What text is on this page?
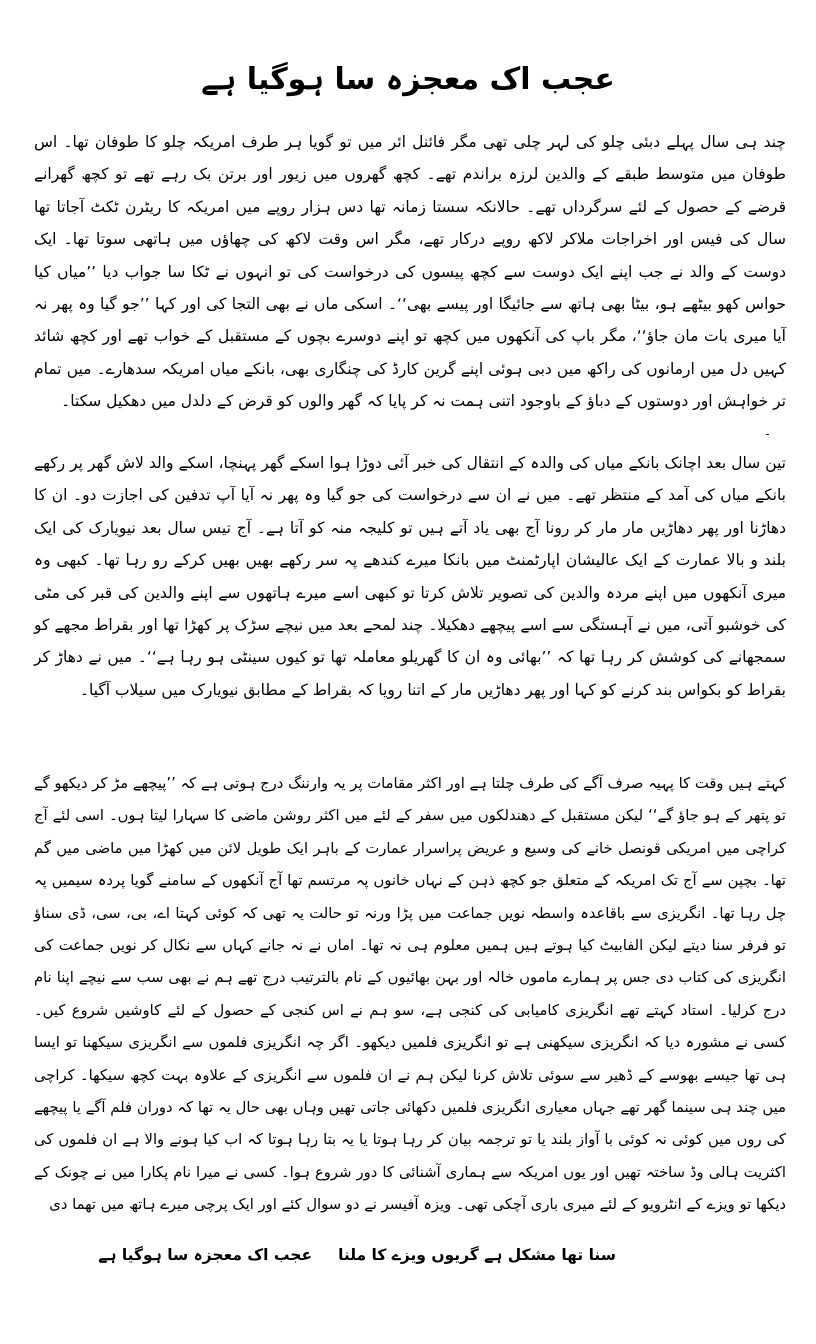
عجب اک معجزہ سا ہوگیا ہے

چند ہی سال پہلے دبئی چلو کی لہر چلی تھی مگر فائنل ائر میں تو گویا ہر طرف امریکہ چلو کا طوفان تھا۔ اس طوفان میں متوسط طبقے کے والدین لرزہ براندم تھے۔ کچھ گھروں میں زیور اور برتن بک رہے تھے تو کچھ گھرانے قرضے کے حصول کے لئے سرگرداں تھے۔ حالانکہ سستا زمانہ تھا دس ہزار روپے میں امریکہ کا ریٹرن ٹکٹ آجاتا تھا سال کی فیس اور اخراجات ملاکر لاکھ روپے درکار تھے، مگر اس وقت لاکھ کی چھاؤں میں ہاتھی سوتا تھا۔ ایک دوست کے والد نے جب اپنے ایک دوست سے کچھ پیسوں کی درخواست کی تو انہوں نے ٹکا سا جواب دیا ’’میاں کیا حواس کھو بیٹھے ہو، بیٹا بھی ہاتھ سے جائیگا اور پیسے بھی‘‘۔ اسکی ماں نے بھی التجا کی اور کہا ’’جو گیا وہ پھر نہ آیا میری بات مان جاؤ‘‘، مگر باپ کی آنکھوں میں کچھ تو اپنے دوسرے بچوں کے مستقبل کے خواب تھے اور کچھ شائد کہیں دل میں ارمانوں کی راکھ میں دبی ہوئی اپنے گرین کارڈ کی چنگاری بھی، بانکے میاں امریکہ سدھارے۔ میں تمام تر خواہش اور دوستوں کے دباؤ کے باوجود اتنی ہمت نہ کر پایا کہ گھر والوں کو قرض کے دلدل میں دھکیل سکتا۔

ـ

تین سال بعد اچانک بانکے میاں کی والدہ کے انتقال کی خبر آئی دوڑا ہوا اسکے گھر پہنچا، اسکے والد لاش گھر پر رکھے بانکے میاں کی آمد کے منتظر تھے۔ میں نے ان سے درخواست کی جو گیا وہ پھر نہ آیا آپ تدفین کی اجازت دو۔ ان کا دھاڑنا اور پھر دھاڑیں مار مار کر رونا آج بھی یاد آتے ہیں تو کلیجہ منہ کو آتا ہے۔ آج تیس سال بعد نیویارک کی ایک بلند و بالا عمارت کے ایک عالیشان اپارٹمنٹ میں بانکا میرے کندھے پہ سر رکھے بھیں بھیں کرکے رو رہا تھا۔ کبھی وہ میری آنکھوں میں اپنے مردہ والدین کی تصویر تلاش کرتا تو کبھی اسے میرے ہاتھوں سے اپنے والدین کی قبر کی مٹی کی خوشبو آتی، میں نے آہستگی سے اسے پیچھے دھکیلا۔ چند لمحے بعد میں نیچے سڑک پر کھڑا تھا اور بقراط مجھے کو سمجھانے کی کوشش کر رہا تھا کہ ’’بھائی وہ ان کا گھریلو معاملہ تھا تو کیوں سینٹی ہو رہا ہے‘‘۔ میں نے دھاڑ کر بقراط کو بکواس بند کرنے کو کہا اور پھر دھاڑیں مار کے اتنا رویا کہ بقراط کے مطابق نیویارک میں سیلاب آگیا۔

کہتے ہیں وقت کا پہیہ صرف آگے کی طرف چلتا ہے اور اکثر مقامات پر یہ وارننگ درج ہوتی ہے کہ ’’پیچھے مڑ کر دیکھو گے تو پتھر کے ہو جاؤ گے‘‘ لیکن مستقبل کے دھندلکوں میں سفر کے لئے میں اکثر روشن ماضی کا سہارا لیتا ہوں۔ اسی لئے آج کراچی میں امریکی قونصل خانے کی وسیع و عریض پراسرار عمارت کے باہر ایک طویل لائن میں کھڑا میں ماضی میں گم تھا۔ بچپن سے آج تک امریکہ کے متعلق جو کچھ ذہن کے نہاں خانوں پہ مرتسم تھا آج آنکھوں کے سامنے گویا پردہ سیمیں پہ چل رہا تھا۔ انگریزی سے باقاعدہ واسطہ نویں جماعت میں پڑا ورنہ تو حالت یہ تھی کہ کوئی کہتا اے، بی، سی، ڈی سناؤ تو فرفر سنا دیتے لیکن الفابیٹ کیا ہوتے ہیں ہمیں معلوم ہی نہ تھا۔ اماں نے نہ جانے کہاں سے نکال کر نویں جماعت کی انگریزی کی کتاب دی جس پر ہمارے ماموں خالہ اور بہن بھائیوں کے نام بالترتیب درج تھے ہم نے بھی سب سے نیچے اپنا نام درج کرلیا۔ استاد کہتے تھے انگریزی کامیابی کی کنجی ہے، سو ہم نے اس کنجی کے حصول کے لئے کاوشیں شروع کیں۔ کسی نے مشورہ دیا کہ انگریزی سیکھنی ہے تو انگریزی فلمیں دیکھو۔ اگر چہ انگریزی فلموں سے انگریزی سیکھنا تو ایسا ہی تھا جیسے بھوسے کے ڈھیر سے سوئی تلاش کرنا لیکن ہم نے ان فلموں سے انگریزی کے علاوہ بہت کچھ سیکھا۔ کراچی میں چند ہی سینما گھر تھے جہاں معیاری انگریزی فلمیں دکھائی جاتی تھیں وہاں بھی حال یہ تھا کہ دوران فلم آگے یا پیچھے کی روں میں کوئی نہ کوئی با آواز بلند یا تو ترجمہ بیان کر رہا ہوتا یا یہ بتا رہا ہوتا کہ اب کیا ہونے والا ہے ان فلموں کی اکثریت ہالی وڈ ساختہ تھیں اور یوں امریکہ سے ہماری آشنائی کا دور شروع ہوا۔ کسی نے میرا نام پکارا میں نے چونک کے دیکھا تو ویزے کے انٹرویو کے لئے میری باری آچکی تھی۔ ویزہ آفیسر نے دو سوال کئے اور ایک پرچی میرے ہاتھ میں تھما دی

سنا تھا مشکل ہے گریوں ویزے کا ملناعجب اک معجزہ سا ہوگیا ہے
